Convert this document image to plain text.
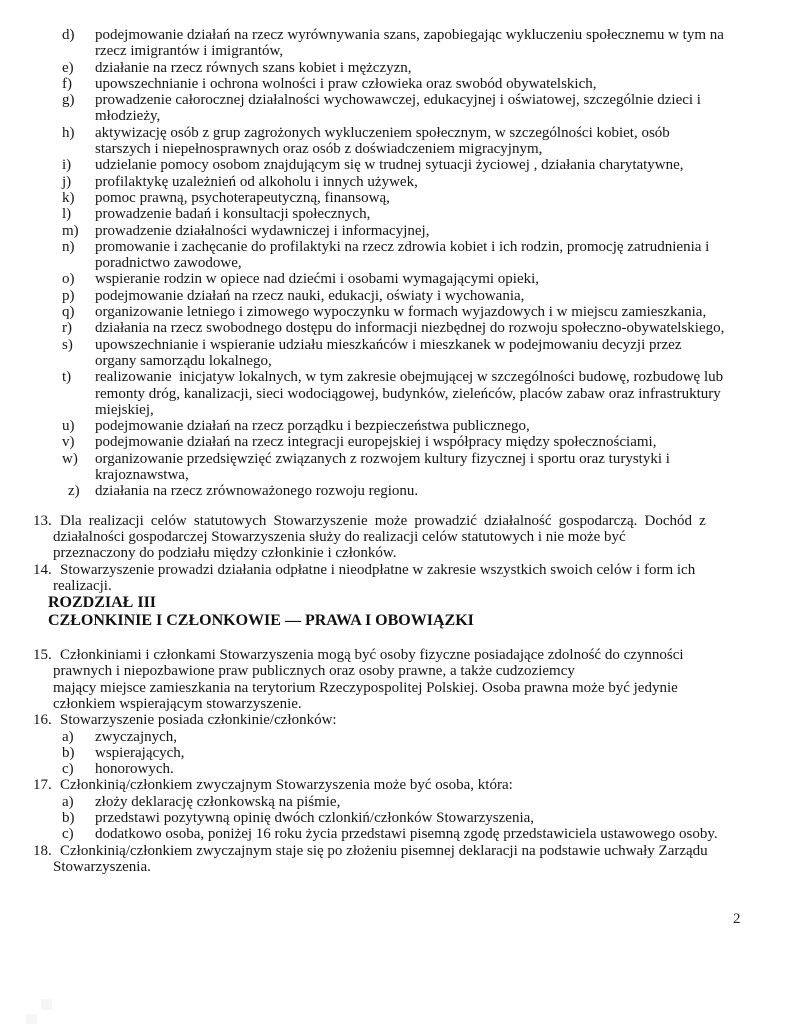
d)	podejmowanie działań na rzecz wyrównywania szans, zapobiegając wykluczeniu społecznemu w tym na
rzecz imigrantów i imigrantów,
e)	działanie na rzecz równych szans kobiet i mężczyzn,
f)	upowszechnianie i ochrona wolności i praw człowieka oraz swobód obywatelskich,
g)	prowadzenie całorocznej działalności wychowawczej, edukacyjnej i oświatowej, szczególnie dzieci i
młodzieży,
h)	aktywizację osób z grup zagrożonych wykluczeniem społecznym, w szczególności kobiet, osób
starszych i niepełnosprawnych oraz osób z doświadczeniem migracyjnym,
i)	udzielanie pomocy osobom znajdującym się w trudnej sytuacji życiowej , działania charytatywne,
j)	profilaktykę uzależnień od alkoholu i innych używek,
k)	pomoc prawną, psychoterapeutyczną, finansową,
l)	prowadzenie badań i konsultacji społecznych,
m)	prowadzenie działalności wydawniczej i informacyjnej,
n)	promowanie i zachęcanie do profilaktyki na rzecz zdrowia kobiet i ich rodzin, promocję zatrudnienia i
poradnictwo zawodowe,
o)	wspieranie rodzin w opiece nad dziećmi i osobami wymagającymi opieki,
p)	podejmowanie działań na rzecz nauki, edukacji, oświaty i wychowania,
q)	organizowanie letniego i zimowego wypoczynku w formach wyjazdowych i w miejscu zamieszkania,
r)	działania na rzecz swobodnego dostępu do informacji niezbędnej do rozwoju społeczno-obywatelskiego,
s)	upowszechnianie i wspieranie udziału mieszkańców i mieszkanek w podejmowaniu decyzji przez
organy samorządu lokalnego,
t)	realizowanie  inicjatyw lokalnych, w tym zakresie obejmującej w szczególności budowę, rozbudowę lub
remonty dróg, kanalizacji, sieci wodociągowej, budynków, zieleńców, placów zabaw oraz infrastruktury
miejskiej,
u)	podejmowanie działań na rzecz porządku i bezpieczeństwa publicznego,
v)	podejmowanie działań na rzecz integracji europejskiej i współpracy między społecznościami,
w)	organizowanie przedsięwzięć związanych z rozwojem kultury fizycznej i sportu oraz turystyki i
krajoznawstwa,
z)	działania na rzecz zrównoważonego rozwoju regionu.
13. Dla realizacji celów statutowych Stowarzyszenie może prowadzić działalność gospodarczą. Dochód z
działalności gospodarczej Stowarzyszenia służy do realizacji celów statutowych i nie może być
przeznaczony do podziału między członkinie i członków.
14. Stowarzyszenie prowadzi działania odpłatne i nieodpłatne w zakresie wszystkich swoich celów i form ich
realizacji.
ROZDZIAŁ III
CZŁONKINIE I CZŁONKOWIE — PRAWA I OBOWIĄZKI
15. Członkiniami i członkami Stowarzyszenia mogą być osoby fizyczne posiadające zdolność do czynności
prawnych i niepozbawione praw publicznych oraz osoby prawne, a także cudzoziemcy
mający miejsce zamieszkania na terytorium Rzeczypospolitej Polskiej. Osoba prawna może być jedynie
członkiem wspierającym stowarzyszenie.
16. Stowarzyszenie posiada członkinie/członków:
a)	zwyczajnych,
b)	wspierających,
c)	honorowych.
17. Członkinią/członkiem zwyczajnym Stowarzyszenia może być osoba, która:
a)	złoży deklarację członkowską na piśmie,
b)	przedstawi pozytywną opinię dwóch czlonkiń/członków Stowarzyszenia,
c)	dodatkowo osoba, poniżej 16 roku życia przedstawi pisemną zgodę przedstawiciela ustawowego osoby.
18. Członkinią/członkiem zwyczajnym staje się po złożeniu pisemnej deklaracji na podstawie uchwały Zarządu
Stowarzyszenia.
2
